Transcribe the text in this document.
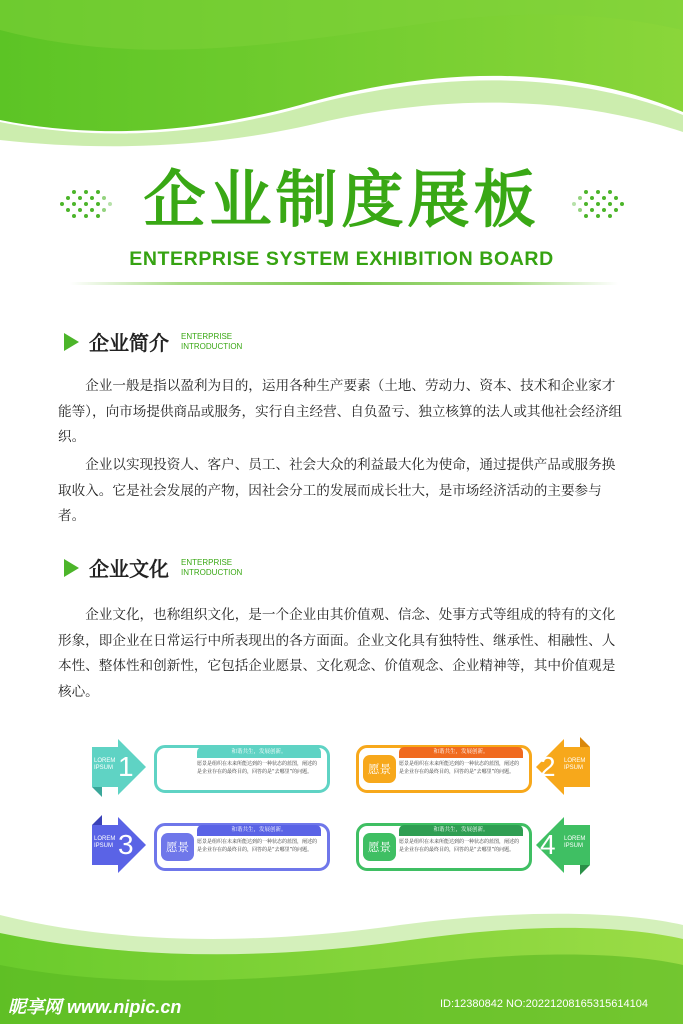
企业制度展板
ENTERPRISE SYSTEM EXHIBITION BOARD
企业简介 ENTERPRISE
INTRODUCTION

企业一般是指以盈利为目的，运用各种生产要素（土地、劳动力、资本、技术和企业家才能等），向市场提供商品或服务，实行自主经营、自负盈亏、独立核算的法人或其他社会经济组织。

企业以实现投资人、客户、员工、社会大众的利益最大化为使命，通过提供产品或服务换取收入。它是社会发展的产物，因社会分工的发展而成长壮大，是市场经济活动的主要参与者。

企业文化 ENTERPRISE
INTRODUCTION

企业文化，也称组织文化，是一个企业由其价值观、信念、处事方式等组成的特有的文化形象，即企业在日常运行中所表现出的各方面面。企业文化具有独特性、继承性、相融性、人本性、整体性和创新性，它包括企业愿景、文化观念、价值观念、企业精神等，其中价值观是核心。

LOREM
IPSUM 1	和谐共生，发展创新。
愿景是组织在未来所能达到的一种状态的蓝图，阐述的是企业存在的最终目的，回答的是“去哪里”的问题。
和谐共生，发展创新。
愿景	愿景是组织在未来所能达到的一种状态的蓝图，阐述的是企业存在的最终目的，回答的是“去哪里”的问题。 2 LOREM
IPSUM
LOREM
IPSUM 3	和谐共生，发展创新。
愿景	愿景是组织在未来所能达到的一种状态的蓝图，阐述的是企业存在的最终目的，回答的是“去哪里”的问题。
和谐共生，发展创新。
愿景	愿景是组织在未来所能达到的一种状态的蓝图，阐述的是企业存在的最终目的，回答的是“去哪里”的问题。 4 LOREM
IPSUM
昵享网 www.nipic.cn	ID:12380842 NO:20221208165315614104
